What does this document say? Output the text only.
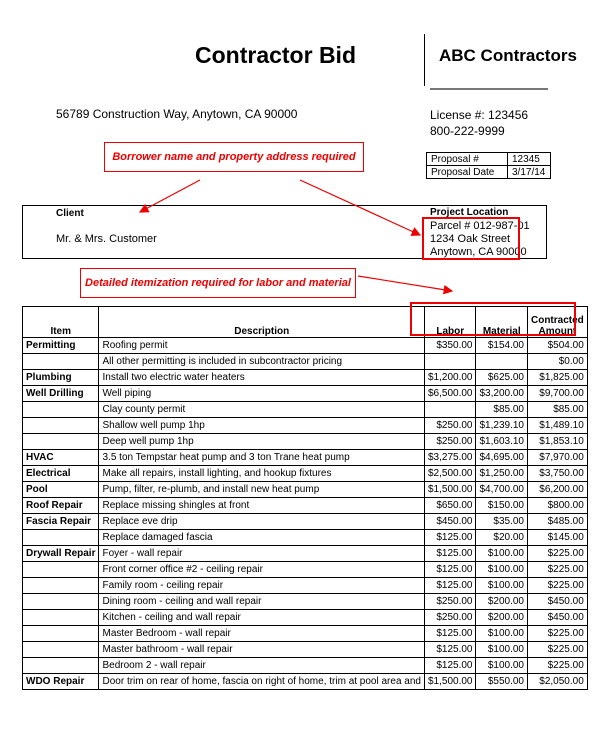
Contractor Bid	ABC Contractors
56789 Construction Way, Anytown, CA 90000	License #: 123456
800-222-9999
Proposal #	12345
Proposal Date	3/17/14
Borrower name and property address required
Client
Mr. & Mrs. Customer
Project Location
Parcel # 012-987-01
1234 Oak Street
Anytown, CA 90000
Detailed itemization required for labor and material
Item	Description	Labor	Material	Contracted Amount
Permitting	Roofing permit	$350.00	$154.00	$504.00
	All other permitting is included in subcontractor pricing			$0.00
Plumbing	Install two electric water heaters	$1,200.00	$625.00	$1,825.00
Well Drilling	Well piping	$6,500.00	$3,200.00	$9,700.00
	Clay county permit		$85.00	$85.00
	Shallow well pump 1hp	$250.00	$1,239.10	$1,489.10
	Deep well pump 1hp	$250.00	$1,603.10	$1,853.10
HVAC	3.5 ton Tempstar heat pump and 3 ton Trane heat pump	$3,275.00	$4,695.00	$7,970.00
Electrical	Make all repairs, install lighting, and hookup fixtures	$2,500.00	$1,250.00	$3,750.00
Pool	Pump, filter, re-plumb, and install new heat pump	$1,500.00	$4,700.00	$6,200.00
Roof Repair	Replace missing shingles at front	$650.00	$150.00	$800.00
Fascia Repair	Replace eve drip	$450.00	$35.00	$485.00
	Replace damaged fascia	$125.00	$20.00	$145.00
Drywall Repair	Foyer - wall repair	$125.00	$100.00	$225.00
	Front corner office #2 - ceiling repair	$125.00	$100.00	$225.00
	Family room - ceiling repair	$125.00	$100.00	$225.00
	Dining room - ceiling and wall repair	$250.00	$200.00	$450.00
	Kitchen - ceiling and wall repair	$250.00	$200.00	$450.00
	Master Bedroom - wall repair	$125.00	$100.00	$225.00
	Master bathroom - wall repair	$125.00	$100.00	$225.00
	Bedroom 2 - wall repair	$125.00	$100.00	$225.00
WDO Repair	Door trim on rear of home, fascia on right of home, trim at pool area and	$1,500.00	$550.00	$2,050.00
